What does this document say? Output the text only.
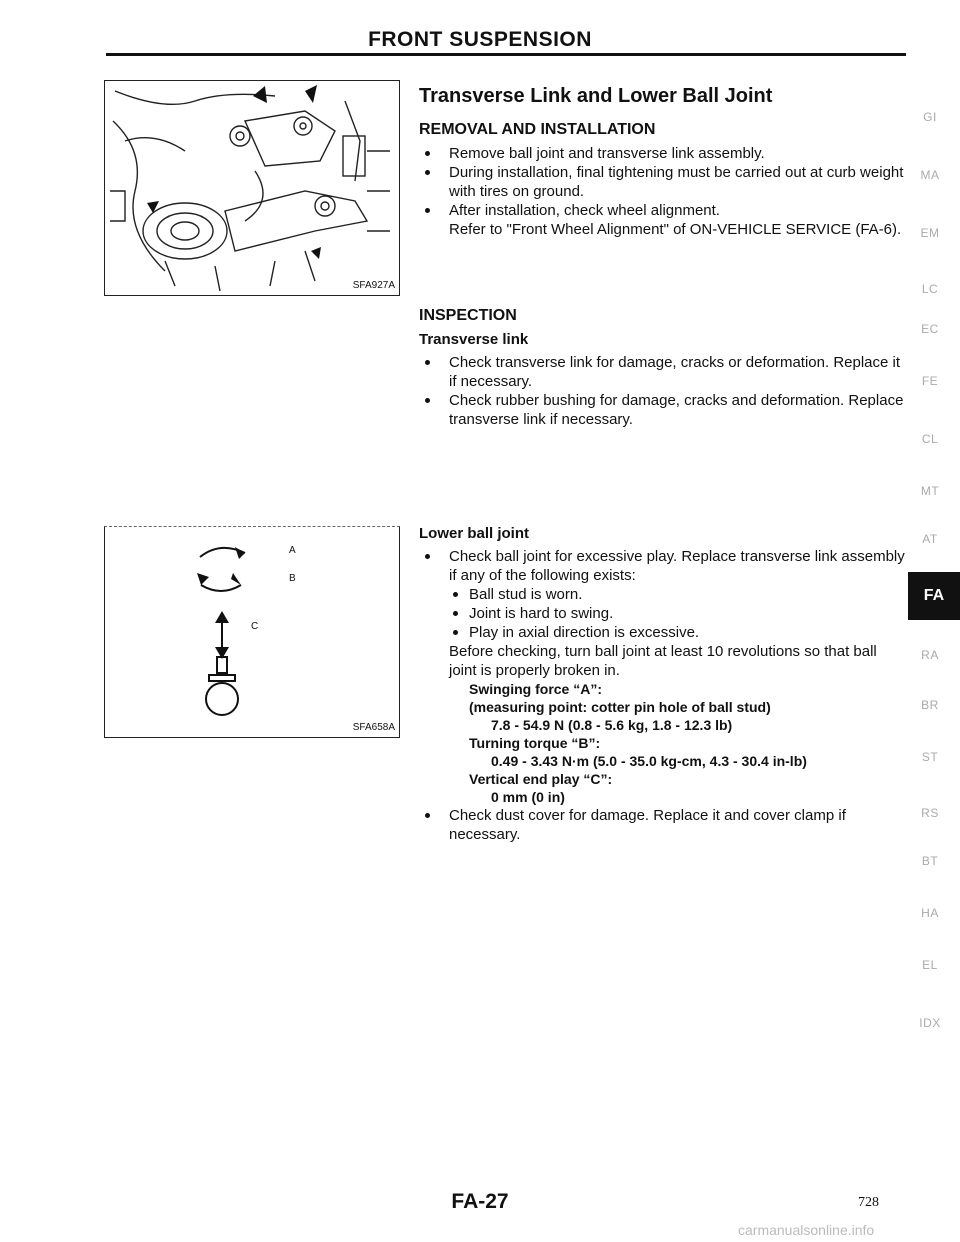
FRONT SUSPENSION
SFA927A
A
B
C
SFA658A
Transverse Link and Lower Ball Joint
REMOVAL AND INSTALLATION
Remove ball joint and transverse link assembly.
During installation, final tightening must be carried out at curb weight with tires on ground.
After installation, check wheel alignment.
Refer to "Front Wheel Alignment" of ON-VEHICLE SERVICE (FA-6).
INSPECTION
Transverse link
Check transverse link for damage, cracks or deformation. Replace it if necessary.
Check rubber bushing for damage, cracks and deformation. Replace transverse link if necessary.
Lower ball joint
Check ball joint for excessive play. Replace transverse link assembly if any of the following exists:
Ball stud is worn.
Joint is hard to swing.
Play in axial direction is excessive.
Before checking, turn ball joint at least 10 revolutions so that ball joint is properly broken in.
Swinging force “A”:
(measuring point: cotter pin hole of ball stud)
7.8 - 54.9 N (0.8 - 5.6 kg, 1.8 - 12.3 lb)
Turning torque “B”:
0.49 - 3.43 N·m (5.0 - 35.0 kg-cm, 4.3 - 30.4 in-lb)
Vertical end play “C”:
0 mm (0 in)
Check dust cover for damage. Replace it and cover clamp if necessary.
GI
MA
EM
LC
EC
FE
CL
MT
AT
RA
BR
ST
RS
BT
HA
EL
IDX
FA
FA-27	728
carmanualsonline.info
